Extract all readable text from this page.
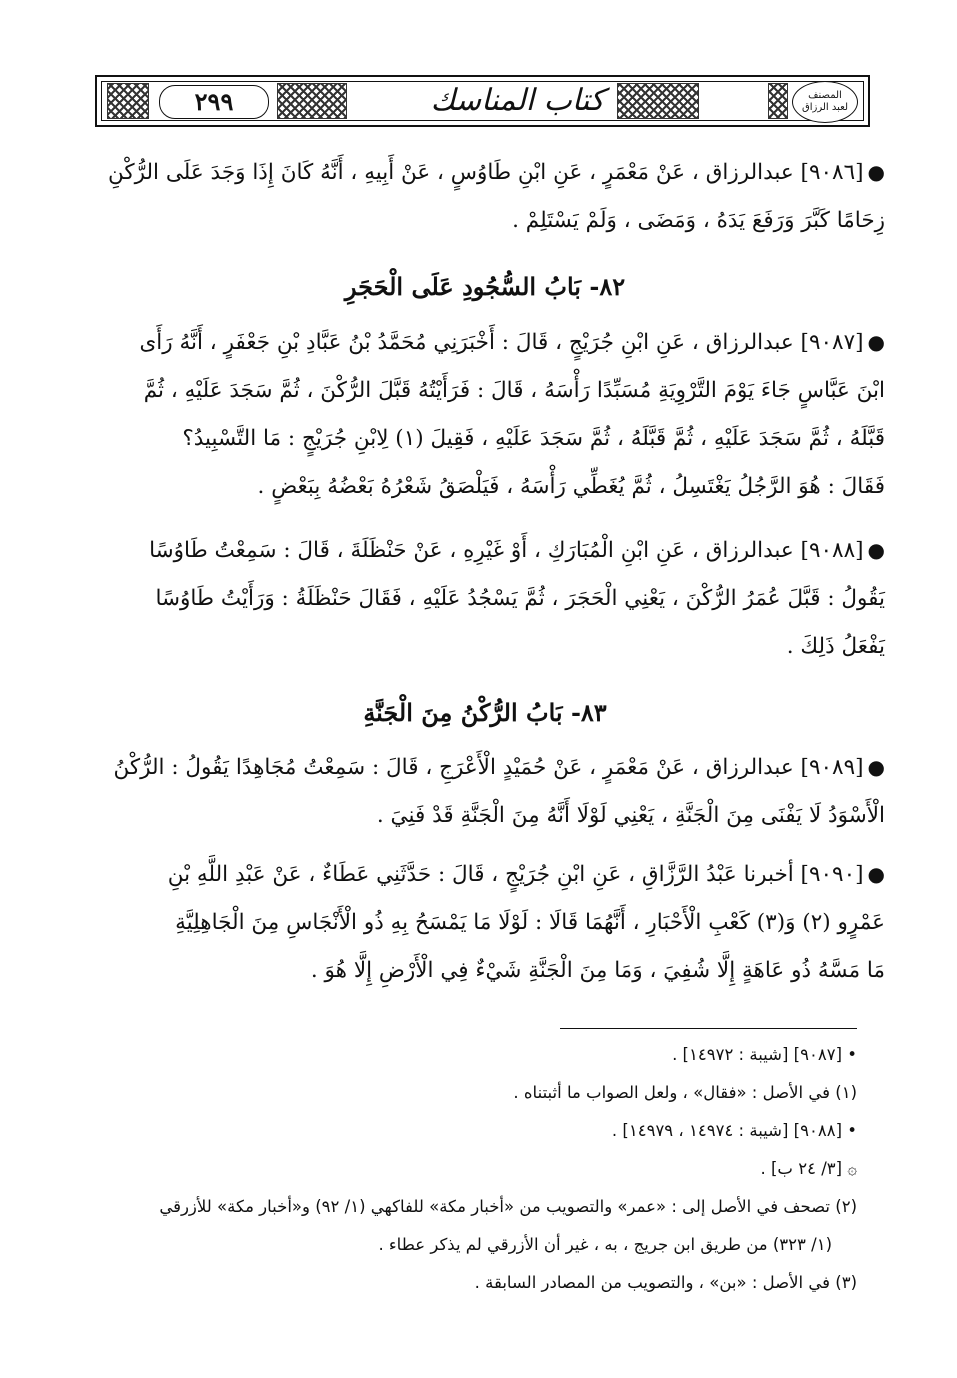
٢٩٩	كتاب المناسك	المصنف
لعبد الرزاق
●[٩٠٨٦] عبدالرزاق ، عَنْ مَعْمَرٍ ، عَنِ ابْنِ طَاوُسٍ ، عَنْ أَبِيهِ ، أَنَّهُ كَانَ إِذَا وَجَدَ عَلَى الرُّكْنِ
زِحَامًا كَبَّرَ وَرَفَعَ يَدَهُ ، وَمَضَى ، وَلَمْ يَسْتَلِمْ .
٨٢- بَابُ السُّجُودِ عَلَى الْحَجَرِ
●[٩٠٨٧] عبدالرزاق ، عَنِ ابْنِ جُرَيْجٍ ، قَالَ : أَخْبَرَنِي مُحَمَّدُ بْنُ عَبَّادِ بْنِ جَعْفَرٍ ، أَنَّهُ رَأَى
ابْنَ عَبَّاسٍ جَاءَ يَوْمَ التَّرْوِيَةِ مُسَبِّدًا رَأْسَهُ ، قَالَ : فَرَأَيْتُهُ قَبَّلَ الرُّكْنَ ، ثُمَّ سَجَدَ عَلَيْهِ ، ثُمَّ
قَبَّلَهُ ، ثُمَّ سَجَدَ عَلَيْهِ ، ثُمَّ قَبَّلَهُ ، ثُمَّ سَجَدَ عَلَيْهِ ، فَقِيلَ (١) لِابْنِ جُرَيْجٍ : مَا التَّسْبِيدُ؟
فَقَالَ : هُوَ الرَّجُلُ يَغْتَسِلُ ، ثُمَّ يُغَطِّي رَأْسَهُ ، فَيَلْصَقُ شَعْرُهُ بَعْضُهُ بِبَعْضٍ .
●[٩٠٨٨] عبدالرزاق ، عَنِ ابْنِ الْمُبَارَكِ ، أَوْ غَيْرِهِ ، عَنْ حَنْظَلَةَ ، قَالَ : سَمِعْتُ طَاوُسًا
يَقُولُ : قَبَّلَ عُمَرُ الرُّكْنَ ، يَعْنِي الْحَجَرَ ، ثُمَّ يَسْجُدُ عَلَيْهِ ، فَقَالَ حَنْظَلَةُ : وَرَأَيْتُ طَاوُسًا
يَفْعَلُ ذَلِكَ .
٨٣- بَابُ الرُّكْنُ مِنَ الْجَنَّةِ
●[٩٠٨٩] عبدالرزاق ، عَنْ مَعْمَرٍ ، عَنْ حُمَيْدٍ الْأَعْرَجِ ، قَالَ : سَمِعْتُ مُجَاهِدًا يَقُولُ : الرُّكْنُ
الْأَسْوَدُ لَا يَفْنَى مِنَ الْجَنَّةِ ، يَعْنِي لَوْلَا أَنَّهُ مِنَ الْجَنَّةِ قَدْ فَنِيَ .
●[٩٠٩٠] أخبرنا عَبْدُ الرَّزَّاقِ ، عَنِ ابْنِ جُرَيْجٍ ، قَالَ : حَدَّثَنِي عَطَاءٌ ، عَنْ عَبْدِ اللَّهِ بْنِ
عَمْرٍو (٢) وَ(٣) كَعْبِ الْأَحْبَارِ ، أَنَّهُمَا قَالَا : لَوْلَا مَا يَمْسَحُ بِهِ ذُو الْأَنْجَاسِ مِنَ الْجَاهِلِيَّةِ
مَا مَسَّهُ ذُو عَاهَةٍ إِلَّا شُفِيَ ، وَمَا مِنَ الْجَنَّةِ شَيْءٌ فِي الْأَرْضِ إِلَّا هُوَ .
• [٩٠٨٧] [شيبة : ١٤٩٧٢] .
(١) في الأصل : «فقال» ، ولعل الصواب ما أثبتناه .
• [٩٠٨٨] [شيبة : ١٤٩٧٤ ، ١٤٩٧٩] .
۞ [٣/ ٢٤ ب] .
(٢) تصحف في الأصل إلى : «عمر» والتصويب من «أخبار مكة» للفاكهي (١/ ٩٢) و«أخبار مكة» للأزرقي
(١/ ٣٢٣) من طريق ابن جريج ، به ، غير أن الأزرقي لم يذكر عطاء .
(٣) في الأصل : «بن» ، والتصويب من المصادر السابقة .
